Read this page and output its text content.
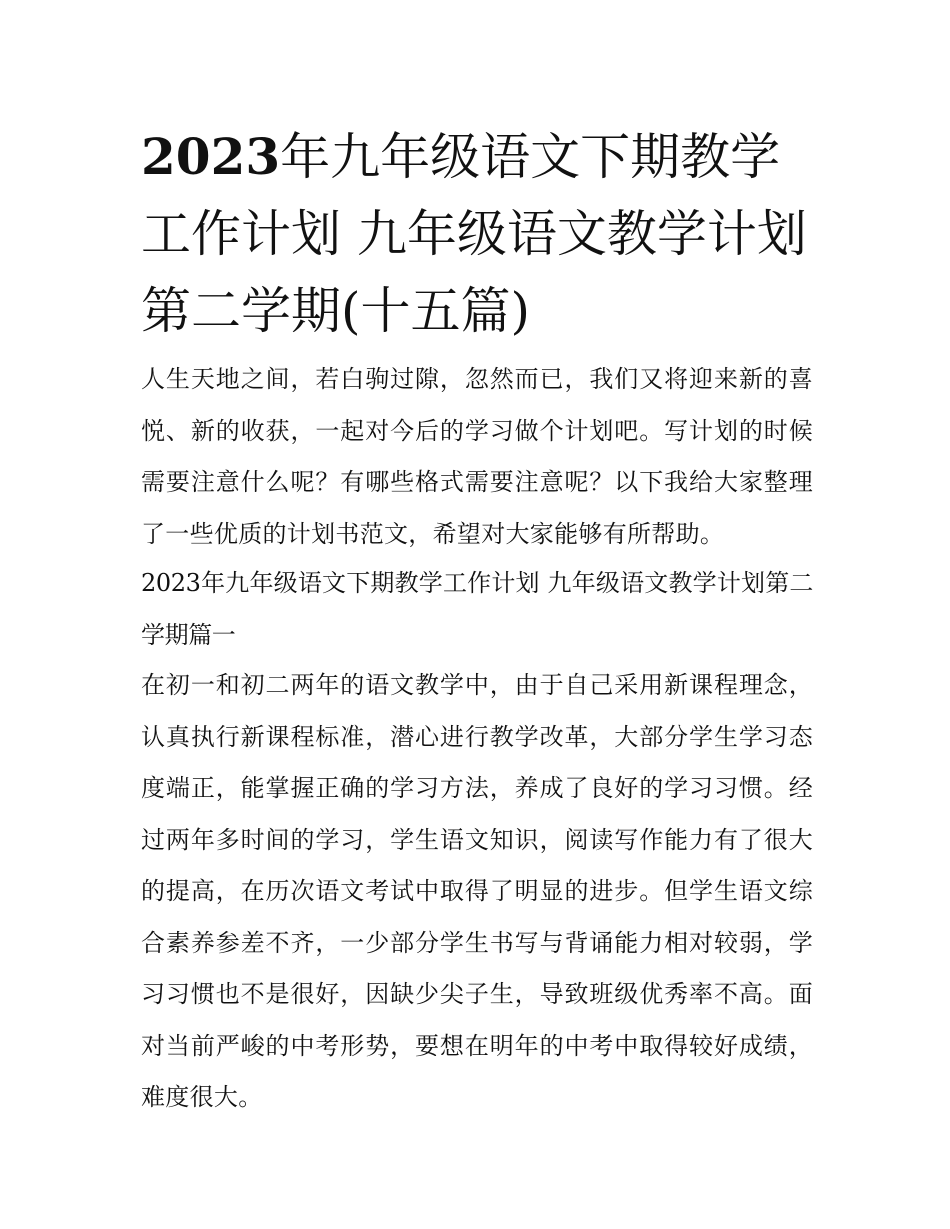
2023年九年级语文下期教学工作计划 九年级语文教学计划第二学期(十五篇)

人生天地之间，若白驹过隙，忽然而已，我们又将迎来新的喜悦、新的收获，一起对今后的学习做个计划吧。写计划的时候需要注意什么呢？有哪些格式需要注意呢？以下我给大家整理了一些优质的计划书范文，希望对大家能够有所帮助。

2023年九年级语文下期教学工作计划 九年级语文教学计划第二学期篇一

在初一和初二两年的语文教学中，由于自己采用新课程理念，认真执行新课程标准，潜心进行教学改革，大部分学生学习态度端正，能掌握正确的学习方法，养成了良好的学习习惯。经过两年多时间的学习，学生语文知识，阅读写作能力有了很大的提高，在历次语文考试中取得了明显的进步。但学生语文综合素养参差不齐，一少部分学生书写与背诵能力相对较弱，学习习惯也不是很好，因缺少尖子生，导致班级优秀率不高。面对当前严峻的中考形势，要想在明年的中考中取得较好成绩，难度很大。
